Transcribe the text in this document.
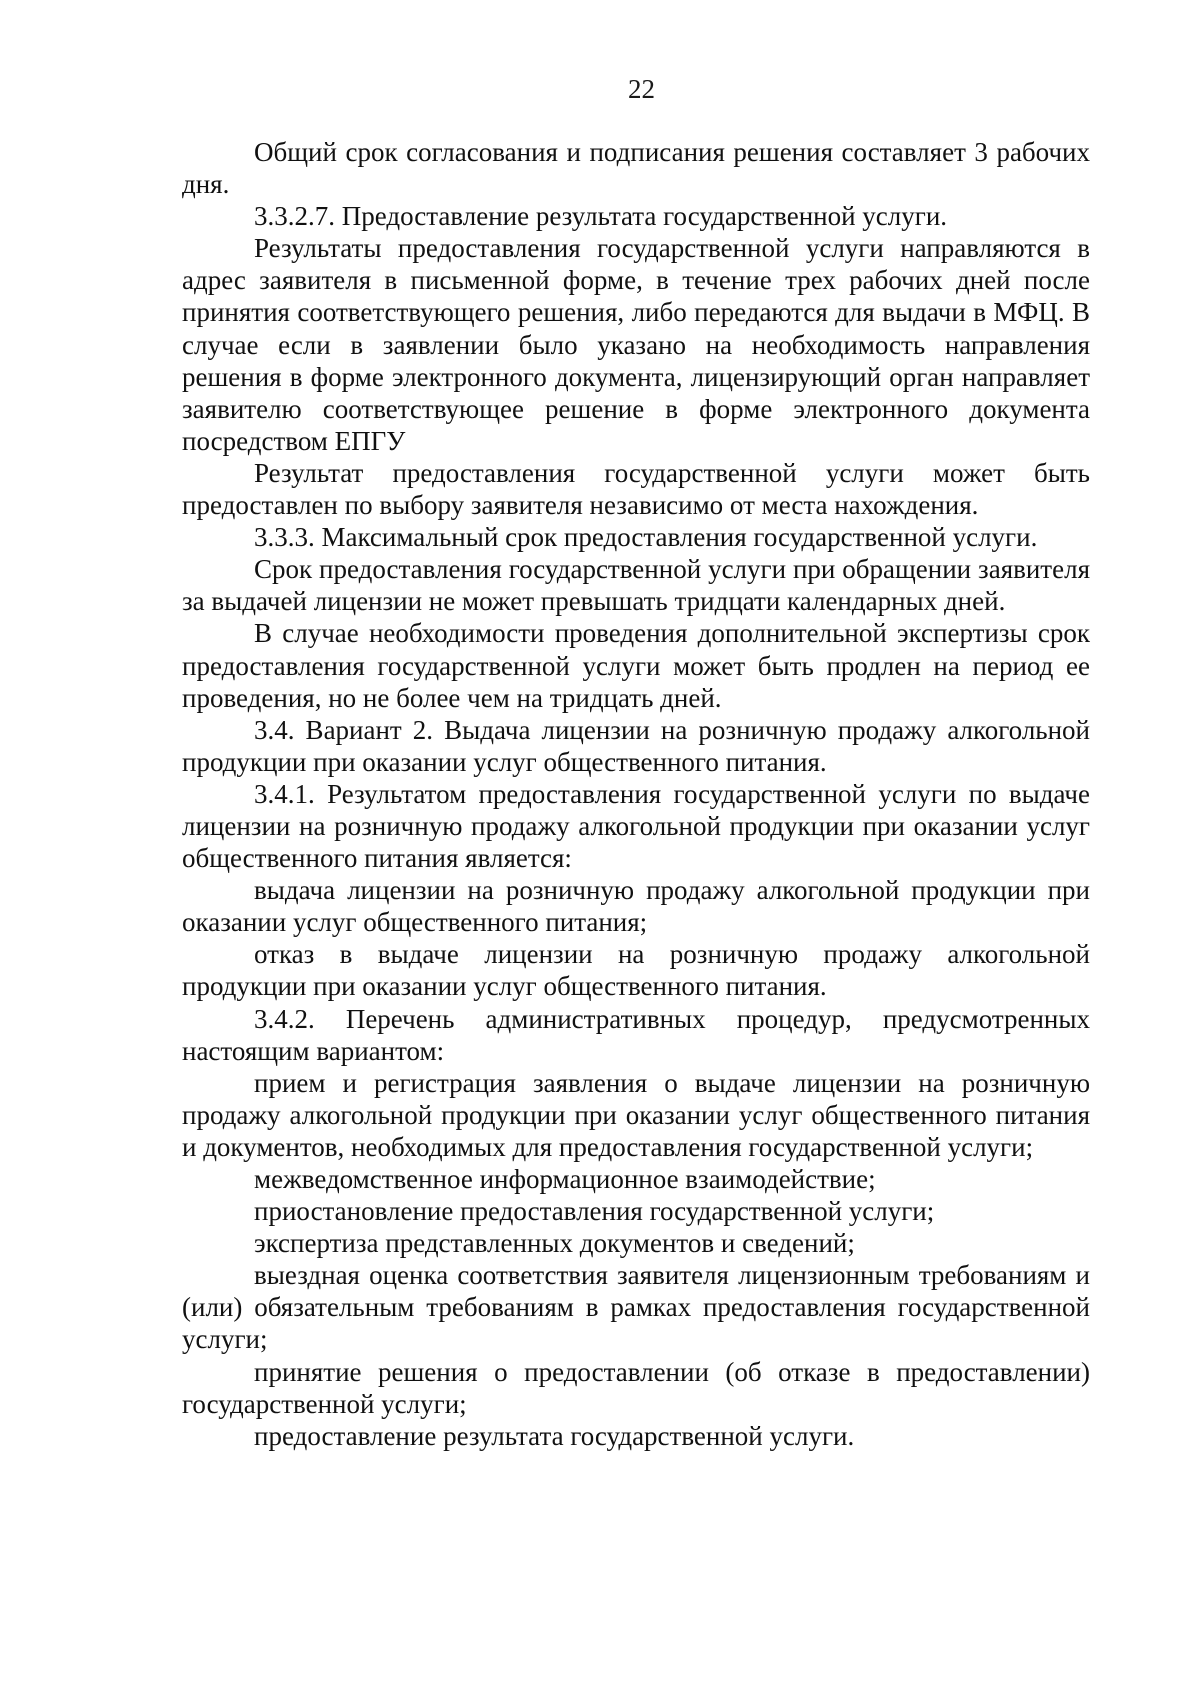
22

Общий срок согласования и подписания решения составляет 3 рабочих дня.

3.3.2.7. Предоставление результата государственной услуги.

Результаты предоставления государственной услуги направляются в адрес заявителя в письменной форме, в течение трех рабочих дней после принятия соответствующего решения, либо передаются для выдачи в МФЦ. В случае если в заявлении было указано на необходимость направления решения в форме электронного документа, лицензирующий орган направляет заявителю соответствующее решение в форме электронного документа посредством ЕПГУ

Результат предоставления государственной услуги может быть предоставлен по выбору заявителя независимо от места нахождения.

3.3.3. Максимальный срок предоставления государственной услуги.

Срок предоставления государственной услуги при обращении заявителя за выдачей лицензии не может превышать тридцати календарных дней.

В случае необходимости проведения дополнительной экспертизы срок предоставления государственной услуги может быть продлен на период ее проведения, но не более чем на тридцать дней.

3.4. Вариант 2. Выдача лицензии на розничную продажу алкогольной продукции при оказании услуг общественного питания.

3.4.1. Результатом предоставления государственной услуги по выдаче лицензии на розничную продажу алкогольной продукции при оказании услуг общественного питания является:

выдача лицензии на розничную продажу алкогольной продукции при оказании услуг общественного питания;

отказ в выдаче лицензии на розничную продажу алкогольной продукции при оказании услуг общественного питания.

3.4.2. Перечень административных процедур, предусмотренных настоящим вариантом:

прием и регистрация заявления о выдаче лицензии на розничную продажу алкогольной продукции при оказании услуг общественного питания и документов, необходимых для предоставления государственной услуги;

межведомственное информационное взаимодействие;

приостановление предоставления государственной услуги;

экспертиза представленных документов и сведений;

выездная оценка соответствия заявителя лицензионным требованиям и (или) обязательным требованиям в рамках предоставления государственной услуги;

принятие решения о предоставлении (об отказе в предоставлении) государственной услуги;

предоставление результата государственной услуги.
